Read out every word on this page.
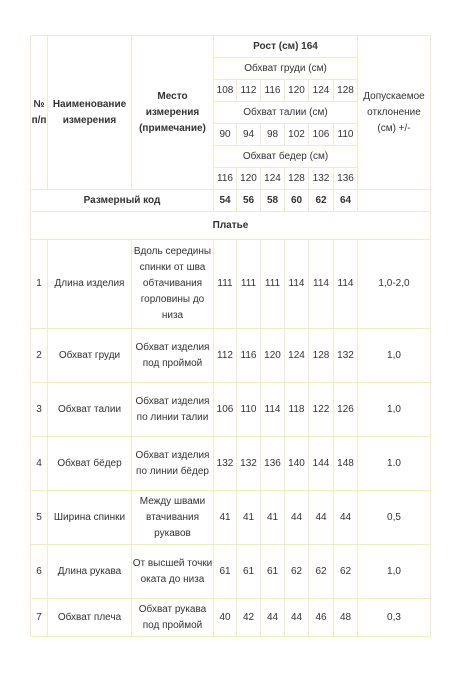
№ п/п	Наименование измерения	Место измерения (примечание)	Рост (см) 164						Допускаемое отклонение (см) +/-
			Обхват груди (см)						
			108	112	116	120	124	128	
			Обхват талии (см)						
			90	94	98	102	106	110	
			Обхват бедер (см)						
			116	120	124	128	132	136	
Размерный код			54	56	58	60	62	64	
Платье									
1	Длина изделия	Вдоль середины спинки от шва обтачивания горловины до низа	111	111	111	114	114	114	1,0-2,0
2	Обхват груди	Обхват изделия под проймой	112	116	120	124	128	132	1,0
3	Обхват талии	Обхват изделия по линии талии	106	110	114	118	122	126	1,0
4	Обхват бёдер	Обхват изделия по линии бёдер	132	132	136	140	144	148	1.0
5	Ширина спинки	Между швами втачивания рукавов	41	41	41	44	44	44	0,5
6	Длина рукава	От высшей точки оката до низа	61	61	61	62	62	62	1,0
7	Обхват плеча	Обхват рукава под проймой	40	42	44	44	46	48	0,3
